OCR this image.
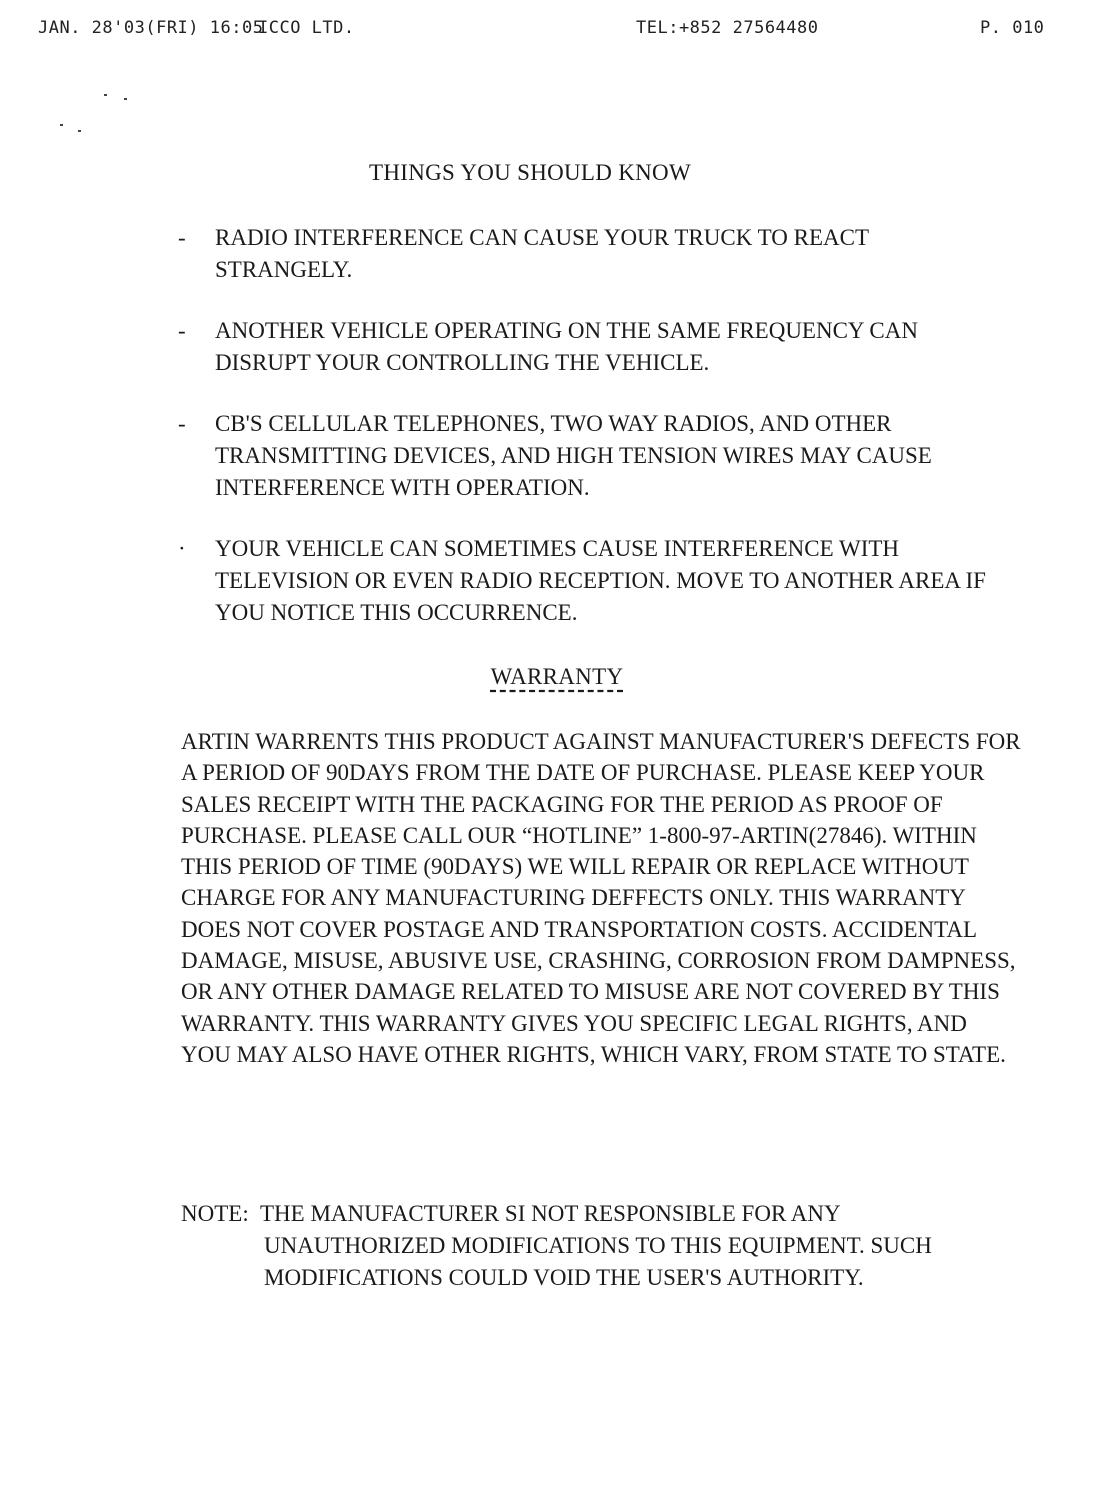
JAN. 28'03(FRI) 16:05
ICCO LTD.	TEL:+852 27564480	P. 010
THINGS YOU SHOULD KNOW
- RADIO INTERFERENCE CAN CAUSE YOUR TRUCK TO REACT STRANGELY.
- ANOTHER VEHICLE OPERATING ON THE SAME FREQUENCY CAN DISRUPT YOUR CONTROLLING THE VEHICLE.
- CB'S CELLULAR TELEPHONES, TWO WAY RADIOS, AND OTHER TRANSMITTING DEVICES, AND HIGH TENSION WIRES MAY CAUSE INTERFERENCE WITH OPERATION.
· YOUR VEHICLE CAN SOMETIMES CAUSE INTERFERENCE WITH TELEVISION OR EVEN RADIO RECEPTION. MOVE TO ANOTHER AREA IF YOU NOTICE THIS OCCURRENCE.
WARRANTY
ARTIN WARRENTS THIS PRODUCT AGAINST MANUFACTURER'S DEFECTS FOR A PERIOD OF 90DAYS FROM THE DATE OF PURCHASE. PLEASE KEEP YOUR SALES RECEIPT WITH THE PACKAGING FOR THE PERIOD AS PROOF OF PURCHASE. PLEASE CALL OUR “HOTLINE” 1-800-97-ARTIN(27846). WITHIN THIS PERIOD OF TIME (90DAYS) WE WILL REPAIR OR REPLACE WITHOUT CHARGE FOR ANY MANUFACTURING DEFFECTS ONLY. THIS WARRANTY DOES NOT COVER POSTAGE AND TRANSPORTATION COSTS. ACCIDENTAL DAMAGE, MISUSE, ABUSIVE USE, CRASHING, CORROSION FROM DAMPNESS, OR ANY OTHER DAMAGE RELATED TO MISUSE ARE NOT COVERED BY THIS WARRANTY. THIS WARRANTY GIVES YOU SPECIFIC LEGAL RIGHTS, AND YOU MAY ALSO HAVE OTHER RIGHTS, WHICH VARY, FROM STATE TO STATE.
NOTE: THE MANUFACTURER SI NOT RESPONSIBLE FOR ANY UNAUTHORIZED MODIFICATIONS TO THIS EQUIPMENT. SUCH MODIFICATIONS COULD VOID THE USER'S AUTHORITY.
